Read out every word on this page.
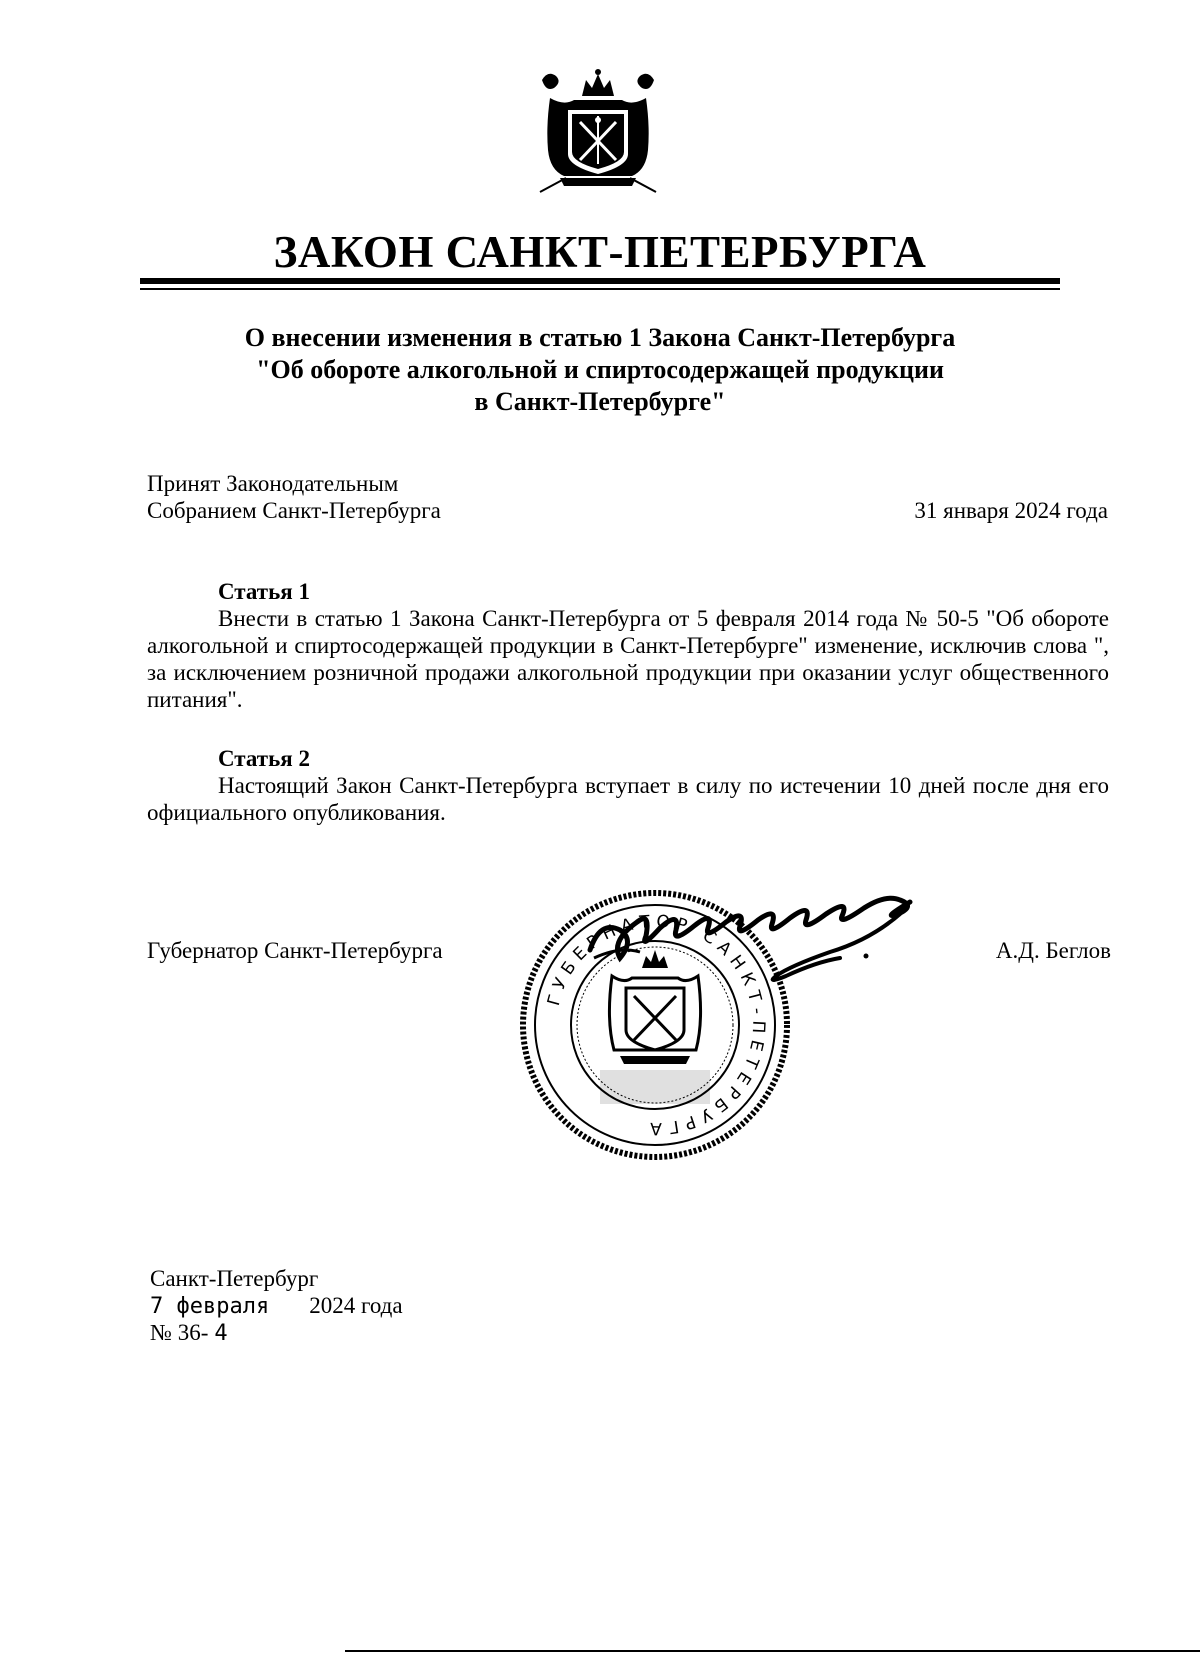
ЗАКОН САНКТ-ПЕТЕРБУРГА
О внесении изменения в статью 1 Закона Санкт-Петербурга
"Об обороте алкогольной и спиртосодержащей продукции
в Санкт-Петербурге"
Принят Законодательным
Собранием Санкт-Петербурга	31 января 2024 года
Статья 1
Внести в статью 1 Закона Санкт-Петербурга от 5 февраля 2014 года № 50-5 "Об обороте алкогольной и спиртосодержащей продукции в Санкт-Петербурге" изменение, исключив слова ", за исключением розничной продажи алкогольной продукции при оказании услуг общественного питания".
Статья 2
Настоящий Закон Санкт-Петербурга вступает в силу по истечении 10 дней после дня его официального опубликования.
Губернатор Санкт-Петербурга	А.Д. Беглов
ГУБЕРНАТОР САНКТ-ПЕТЕРБУРГА
Санкт-Петербург
7 февраля 2024 года
№ 36- 4
